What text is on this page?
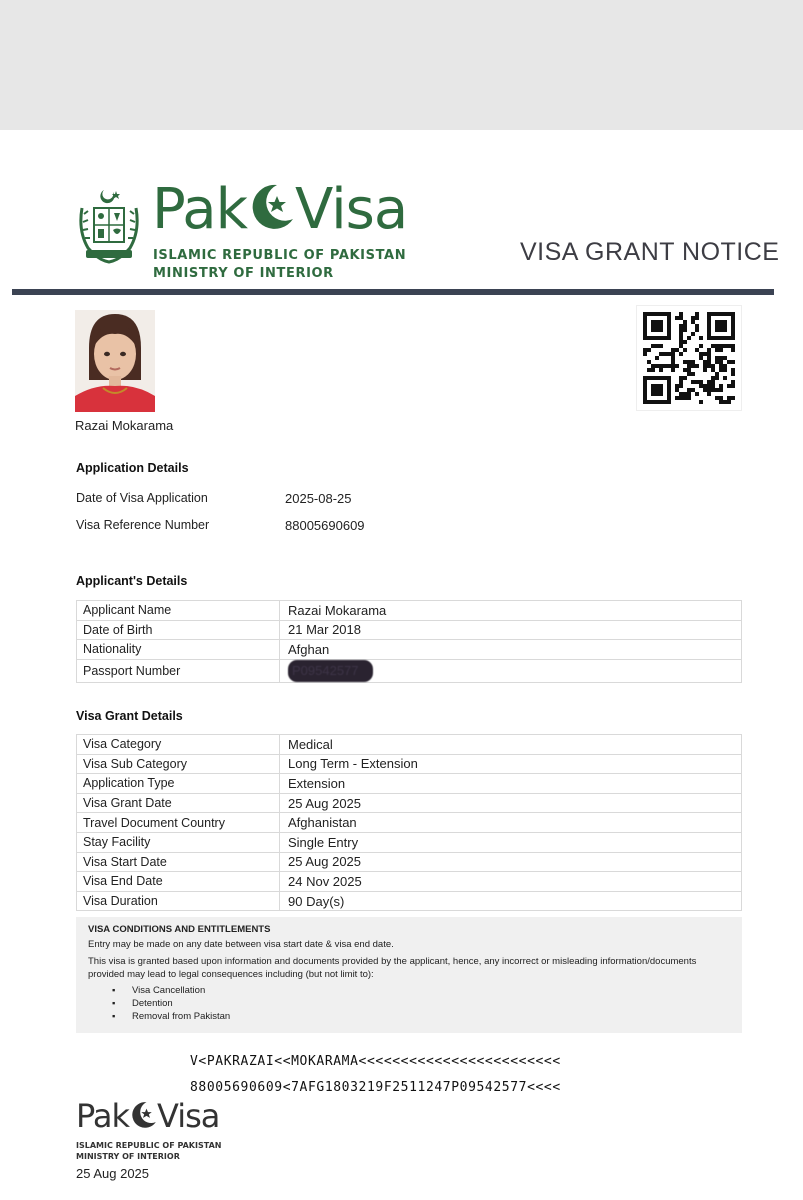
Pak Visa
ISLAMIC REPUBLIC OF PAKISTAN
MINISTRY OF INTERIOR
VISA GRANT NOTICE
Razai Mokarama
Application Details
Date of Visa Application	2025-08-25
Visa Reference Number	88005690609
Applicant's Details
Applicant Name	Razai Mokarama
Date of Birth	21 Mar 2018
Nationality	Afghan
Passport Number	P09542577
Visa Grant Details
Visa Category	Medical
Visa Sub Category	Long Term - Extension
Application Type	Extension
Visa Grant Date	25 Aug 2025
Travel Document Country	Afghanistan
Stay Facility	Single Entry
Visa Start Date	25 Aug 2025
Visa End Date	24 Nov 2025
Visa Duration	90 Day(s)
VISA CONDITIONS AND ENTITLEMENTS
Entry may be made on any date between visa start date & visa end date.
This visa is granted based upon information and documents provided by the applicant, hence, any incorrect or misleading information/documents provided may lead to legal consequences including (but not limit to):
▪ Visa Cancellation
▪ Detention
▪ Removal from Pakistan
V<PAKRAZAI<<MOKARAMA<<<<<<<<<<<<<<<<<<<<<<<<
88005690609<7AFG1803219F2511247P09542577<<<<
Pak Visa
ISLAMIC REPUBLIC OF PAKISTAN
MINISTRY OF INTERIOR
25 Aug 2025
